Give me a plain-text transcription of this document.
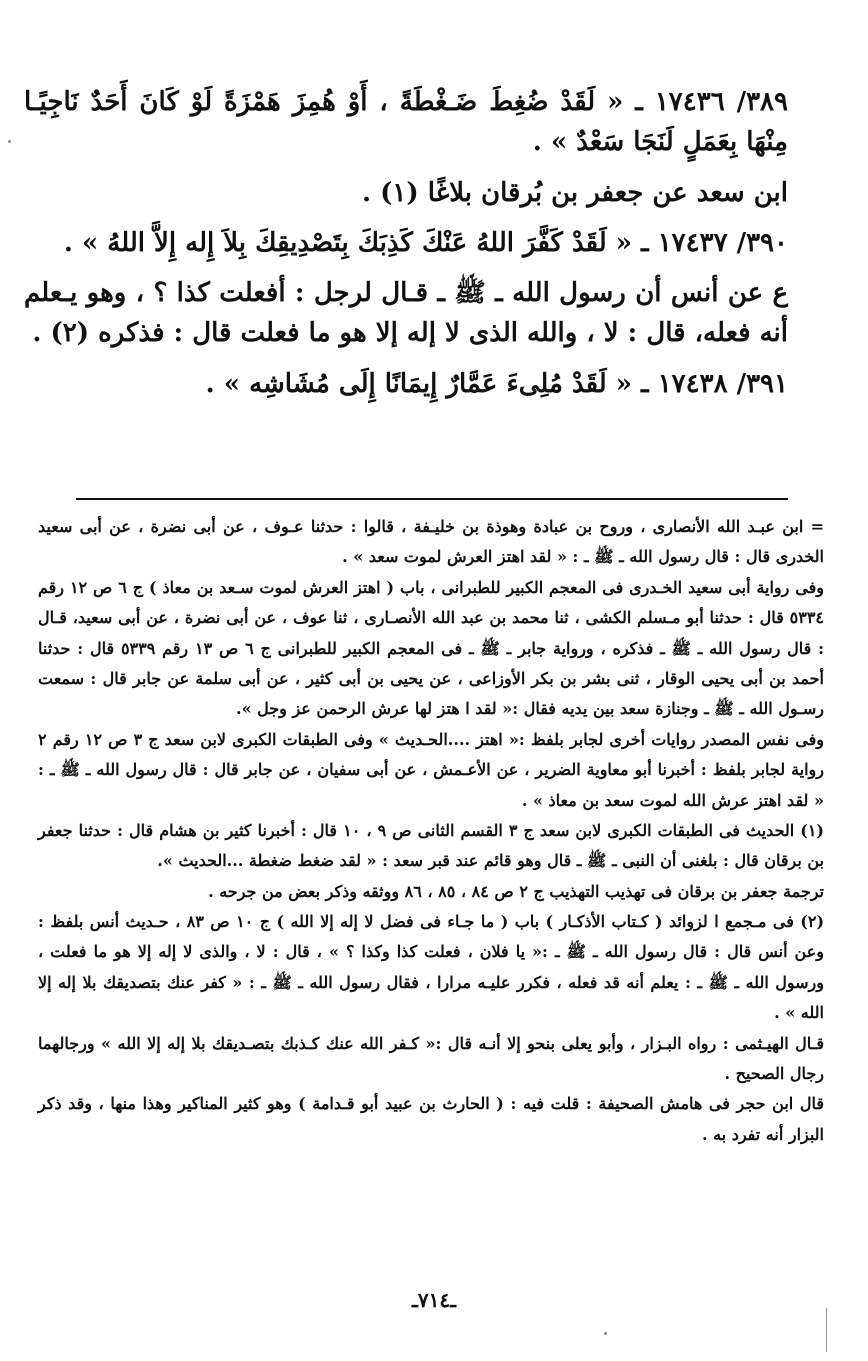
٣٨٩/ ١٧٤٣٦ ـ « لَقَدْ ضُغِطَ ضَـغْطَةً ، أَوْ هُمِزَ هَمْزَةً لَوْ كَانَ أَحَدٌ نَاجِيًـا مِنْهَا بِعَمَلٍ لَنَجَا سَعْدٌ » .

ابن سعد عن جعفر بن بُرقان بلاغًا (١) .

٣٩٠/ ١٧٤٣٧ ـ « لَقَدْ كَفَّرَ اللهُ عَنْكَ كَذِبَكَ بِتَصْدِيقِكَ بِلاَ إِله إِلاَّ اللهُ » .

ع عن أنس أن رسول الله ـ ﷺ ـ قـال لرجل : أفعلت كذا ؟ ، وهو يـعلم أنه فعله، قال : لا ، والله الذى لا إله إلا هو ما فعلت قال : فذكره (٢) .

٣٩١/ ١٧٤٣٨ ـ « لَقَدْ مُلِىءَ عَمَّارٌ إِيمَانًا إِلَى مُشَاشِه » .

= ابن عبـد الله الأنصارى ، وروح بن عبادة وهوذة بن خليـفة ، قالوا : حدثنا عـوف ، عن أبى نضرة ، عن أبى سعيد الخدرى قال : قال رسول الله ـ ﷺ ـ : « لقد اهتز العرش لموت سعد » .

وفى رواية أبى سعيد الخـدرى فى المعجم الكبير للطبرانى ، باب ( اهتز العرش لموت سـعد بن معاذ ) ج ٦ ص ١٢ رقم ٥٣٣٤ قال : حدثنا أبو مـسلم الكشى ، ثنا محمد بن عبد الله الأنصـارى ، ثنا عوف ، عن أبى نضرة ، عن أبى سعيد، قـال : قال رسول الله ـ ﷺ ـ فذكره ، ورواية جابر ـ ﷺ ـ فى المعجم الكبير للطبرانى ج ٦ ص ١٣ رقم ٥٣٣٩ قال : حدثنا أحمد بن أبى يحيى الوقار ، ثنى بشر بن بكر الأوزاعى ، عن يحيى بن أبى كثير ، عن أبى سلمة عن جابر قال : سمعت رسـول الله ـ ﷺ ـ وجنازة سعد بين يديه فقال :« لقد ا هتز لها عرش الرحمن عز وجل ».

وفى نفس المصدر روايات أخرى لجابر بلفظ :« اهتز ....الحـديث » وفى الطبقات الكبرى لابن سعد ج ٣ ص ١٢ رقم ٢ رواية لجابر بلفظ : أخبرنا أبو معاوية الضرير ، عن الأعـمش ، عن أبى سفيان ، عن جابر قال : قال رسول الله ـ ﷺ ـ : « لقد اهتز عرش الله لموت سعد بن معاذ » .

(١) الحديث فى الطبقات الكبرى لابن سعد ج ٣ القسم الثانى ص ٩ ، ١٠ قال : أخبرنا كثير بن هشام قال : حدثنا جعفر بن برقان قال : بلغنى أن النبى ـ ﷺ ـ قال وهو قائم عند قبر سعد : « لقد ضغط ضغطة ...الحديث ».

ترجمة جعفر بن برقان فى تهذيب التهذيب ج ٢ ص ٨٤ ، ٨٥ ، ٨٦ ووثقه وذكر بعض من جرحه .

(٢) فى مـجمع ا لزوائد ( كـتاب الأذكـار ) باب ( ما جـاء فى فضل لا إله إلا الله ) ج ١٠ ص ٨٣ ، حـديث أنس بلفظ : وعن أنس قال : قال رسول الله ـ ﷺ ـ :« يا فلان ، فعلت كذا وكذا ؟ » ، قال : لا ، والذى لا إله إلا هو ما فعلت ، ورسول الله ـ ﷺ ـ : يعلم أنه قد فعله ، فكرر عليـه مرارا ، فقال رسول الله ـ ﷺ ـ : « كفر عنك بتصديقك بلا إله إلا الله » .

قـال الهيـثمى : رواه البـزار ، وأبو يعلى بنحو إلا أنـه قال :« كـفر الله عنك كـذبك بتصـديقك بلا إله إلا الله » ورجالهما رجال الصحيح .

قال ابن حجر فى هامش الصحيفة : قلت فيه : ( الحارث بن عبيد أبو قـدامة ) وهو كثير المناكير وهذا منها ، وقد ذكر البزار أنه تفرد به .

ـ٧١٤ـ
